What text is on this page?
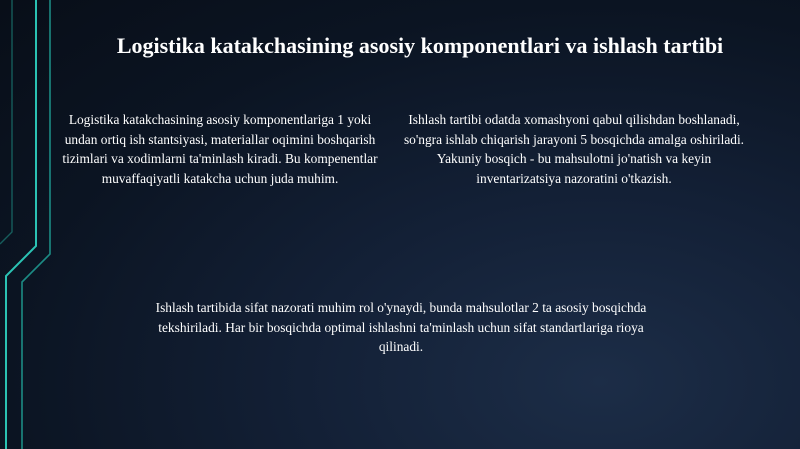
Logistika katakchasining asosiy komponentlari va ishlash tartibi

Logistika katakchasining asosiy komponentlariga 1 yoki undan ortiq ish stantsiyasi, materiallar oqimini boshqarish tizimlari va xodimlarni ta'minlash kiradi. Bu kompenentlar muvaffaqiyatli katakcha uchun juda muhim.

Ishlash tartibi odatda xomashyoni qabul qilishdan boshlanadi, so'ngra ishlab chiqarish jarayoni 5 bosqichda amalga oshiriladi. Yakuniy bosqich - bu mahsulotni jo'natish va keyin inventarizatsiya nazoratini o'tkazish.

Ishlash tartibida sifat nazorati muhim rol o'ynaydi, bunda mahsulotlar 2 ta asosiy bosqichda tekshiriladi. Har bir bosqichda optimal ishlashni ta'minlash uchun sifat standartlariga rioya qilinadi.
